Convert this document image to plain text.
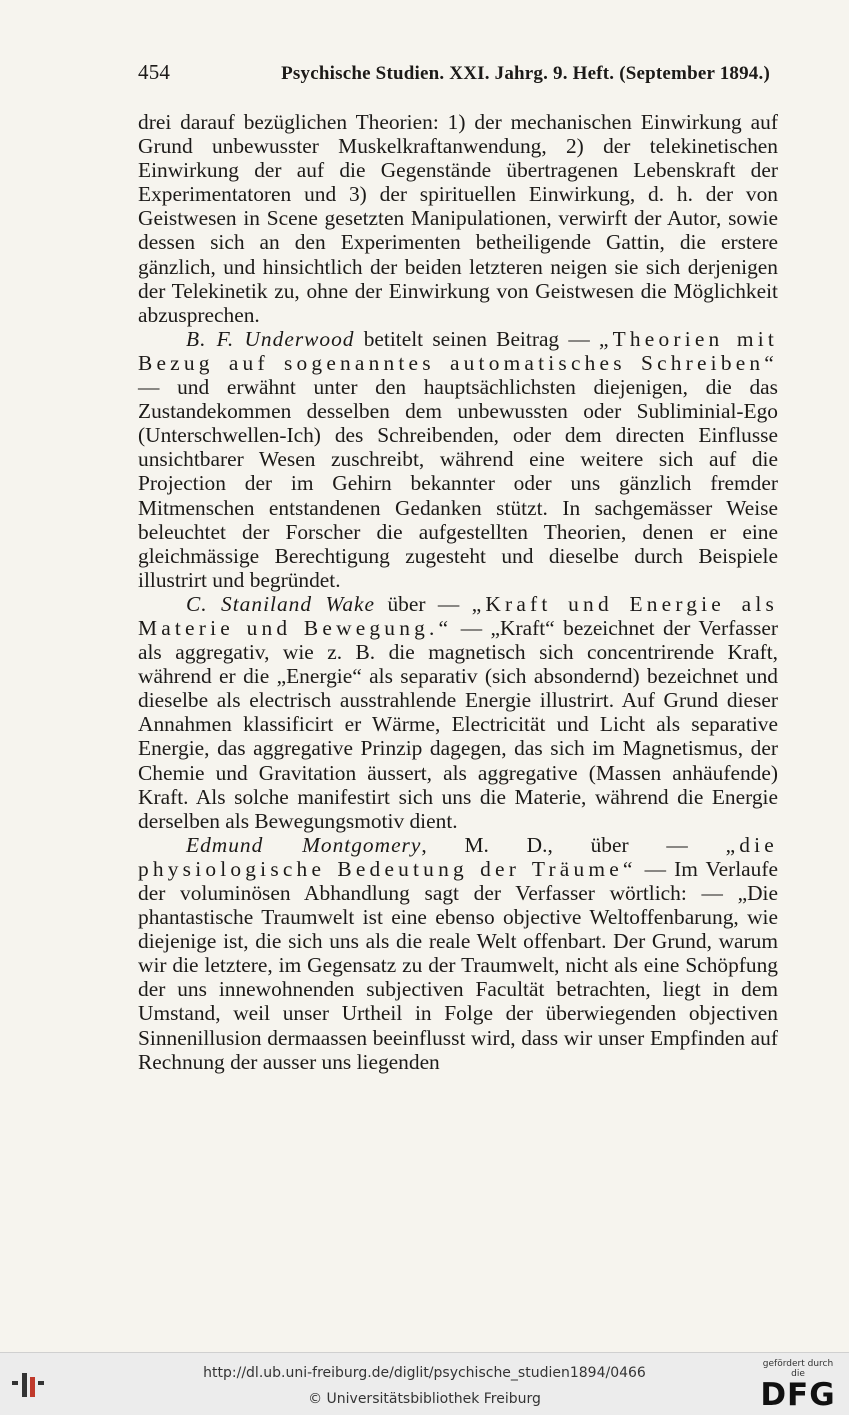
454	Psychische Studien. XXI. Jahrg. 9. Heft. (September 1894.)

drei darauf bezüglichen Theorien: 1) der mechanischen Einwirkung auf Grund unbewusster Muskelkraftanwendung, 2) der telekinetischen Einwirkung der auf die Gegenstände übertragenen Lebenskraft der Experimentatoren und 3) der spirituellen Einwirkung, d. h. der von Geistwesen in Scene gesetzten Manipulationen, verwirft der Autor, sowie dessen sich an den Experimenten betheiligende Gattin, die erstere gänzlich, und hinsichtlich der beiden letzteren neigen sie sich derjenigen der Telekinetik zu, ohne der Einwirkung von Geistwesen die Möglichkeit abzusprechen.

B. F. Underwood betitelt seinen Beitrag — „Theorien mit Bezug auf sogenanntes automatisches Schreiben“ — und erwähnt unter den hauptsächlichsten diejenigen, die das Zustandekommen desselben dem unbewussten oder Subliminial-Ego (Unterschwellen-Ich) des Schreibenden, oder dem directen Einflusse unsichtbarer Wesen zuschreibt, während eine weitere sich auf die Projection der im Gehirn bekannter oder uns gänzlich fremder Mitmenschen entstandenen Gedanken stützt. In sachgemässer Weise beleuchtet der Forscher die aufgestellten Theorien, denen er eine gleichmässige Berechtigung zugesteht und dieselbe durch Beispiele illustrirt und begründet.

C. Staniland Wake über — „Kraft und Energie als Materie und Bewegung.“ — „Kraft“ bezeichnet der Verfasser als aggregativ, wie z. B. die magnetisch sich concentrirende Kraft, während er die „Energie“ als separativ (sich absondernd) bezeichnet und dieselbe als electrisch ausstrahlende Energie illustrirt. Auf Grund dieser Annahmen klassificirt er Wärme, Electricität und Licht als separative Energie, das aggregative Prinzip dagegen, das sich im Magnetismus, der Chemie und Gravitation äussert, als aggregative (Massen anhäufende) Kraft. Als solche manifestirt sich uns die Materie, während die Energie derselben als Bewegungsmotiv dient.

Edmund Montgomery, M. D., über — „die physiologische Bedeutung der Träume“ — Im Verlaufe der voluminösen Abhandlung sagt der Verfasser wörtlich: — „Die phantastische Traumwelt ist eine ebenso objective Weltoffenbarung, wie diejenige ist, die sich uns als die reale Welt offenbart. Der Grund, warum wir die letztere, im Gegensatz zu der Traumwelt, nicht als eine Schöpfung der uns innewohnenden subjectiven Facultät betrachten, liegt in dem Umstand, weil unser Urtheil in Folge der überwiegenden objectiven Sinnenillusion dermaassen beeinflusst wird, dass wir unser Empfinden auf Rechnung der ausser uns liegenden

http://dl.ub.uni-freiburg.de/diglit/psychische_studien1894/0466
© Universitätsbibliothek Freiburg
gefördert durch die
DFG
